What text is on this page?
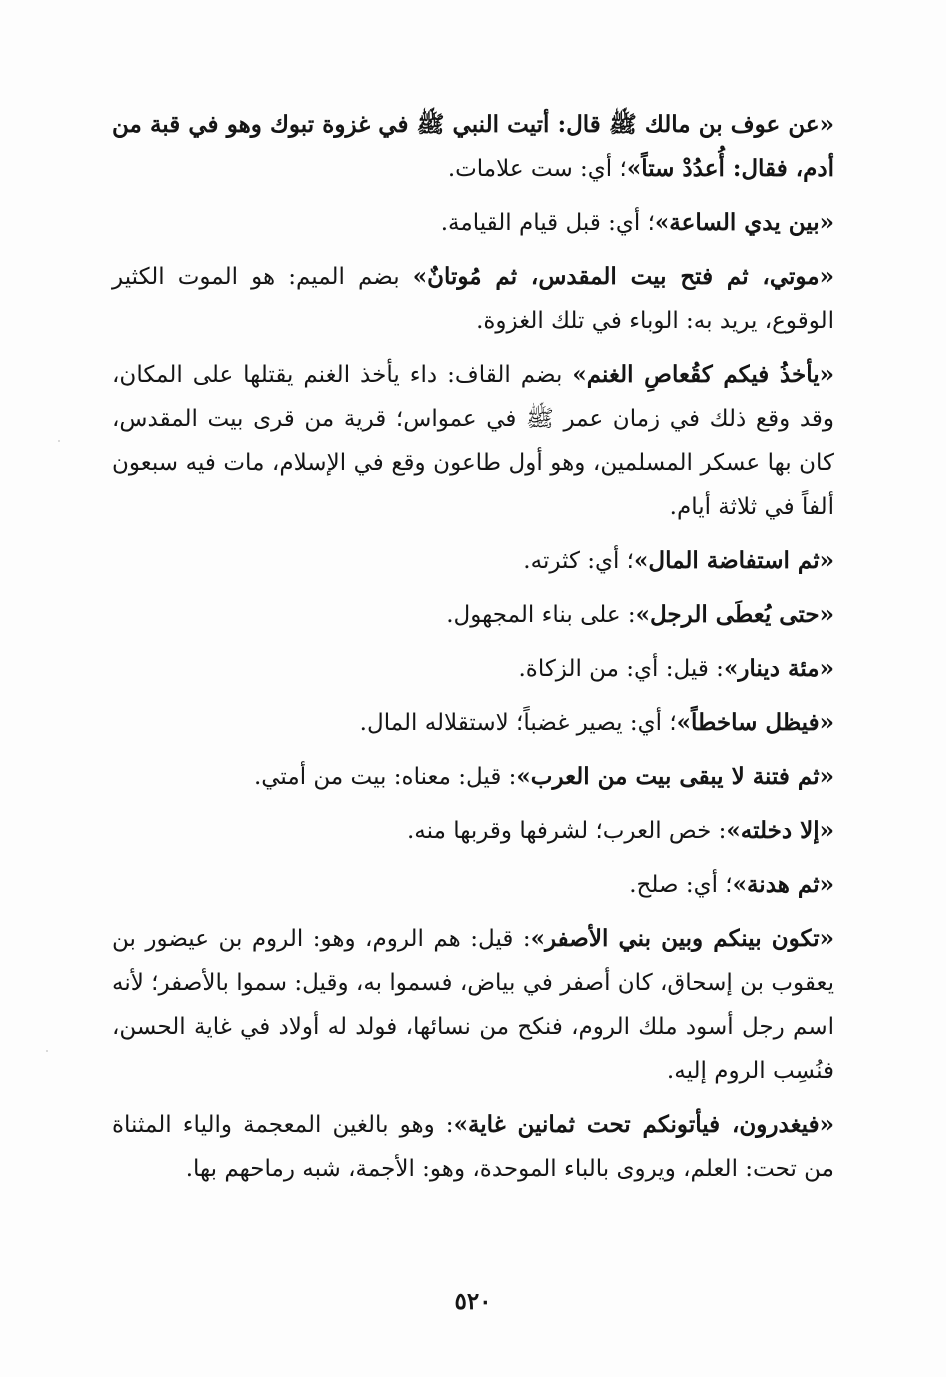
«عن عوف بن مالك ﷺ قال: أتيت النبي ﷺ في غزوة تبوك وهو في قبة من أدم، فقال: أُعدُدْ ستاً»؛ أي: ست علامات.

«بين يدي الساعة»؛ أي: قبل قيام القيامة.

«موتي، ثم فتح بيت المقدس، ثم مُوتانٌ» بضم الميم: هو الموت الكثير الوقوع، يريد به: الوباء في تلك الغزوة.

«يأخذُ فيكم كقُعاصِ الغنم» بضم القاف: داء يأخذ الغنم يقتلها على المكان، وقد وقع ذلك في زمان عمر ﷺ في عمواس؛ قرية من قرى بيت المقدس، كان بها عسكر المسلمين، وهو أول طاعون وقع في الإسلام، مات فيه سبعون ألفاً في ثلاثة أيام.

«ثم استفاضة المال»؛ أي: كثرته.

«حتى يُعطَى الرجل»: على بناء المجهول.

«مئة دينار»: قيل: أي: من الزكاة.

«فيظل ساخطاً»؛ أي: يصير غضباً؛ لاستقلاله المال.

«ثم فتنة لا يبقى بيت من العرب»: قيل: معناه: بيت من أمتي.

«إلا دخلته»: خص العرب؛ لشرفها وقربها منه.

«ثم هدنة»؛ أي: صلح.

«تكون بينكم وبين بني الأصفر»: قيل: هم الروم، وهو: الروم بن عيضور بن يعقوب بن إسحاق، كان أصفر في بياض، فسموا به، وقيل: سموا بالأصفر؛ لأنه اسم رجل أسود ملك الروم، فنكح من نسائها، فولد له أولاد في غاية الحسن، فنُسِب الروم إليه.

«فيغدرون، فيأتونكم تحت ثمانين غاية»: وهو بالغين المعجمة والياء المثناة من تحت: العلم، ويروى بالباء الموحدة، وهو: الأجمة، شبه رماحهم بها.

٥٢٠
